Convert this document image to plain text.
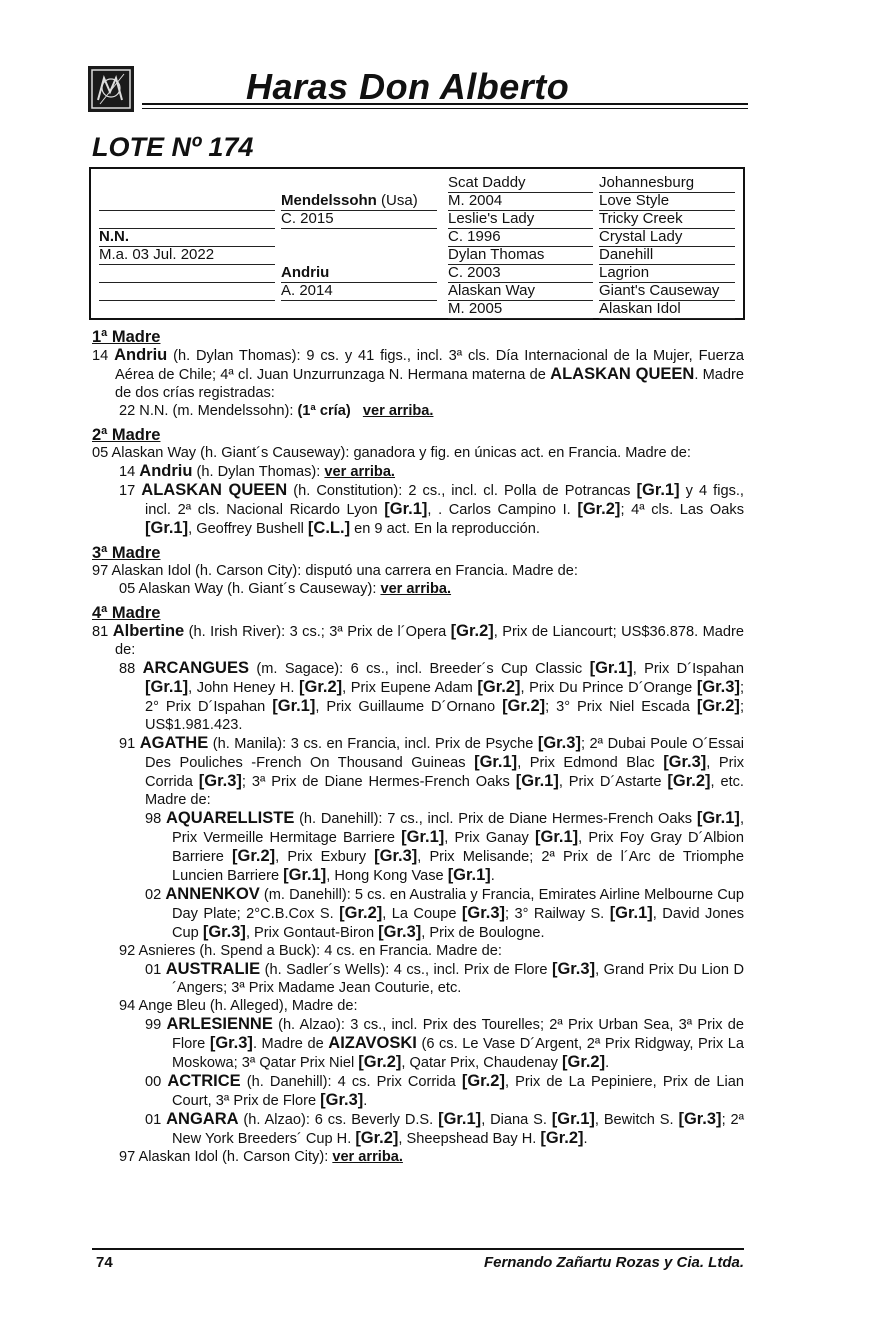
Haras Don Alberto
LOTE Nº 174
N.N.
M.a. 03 Jul. 2022
Mendelssohn (Usa)
C. 2015
Andriu
A. 2014
Scat Daddy
M. 2004
Leslie's Lady
C. 1996
Dylan Thomas
C. 2003
Alaskan Way
M. 2005
Johannesburg
Love Style
Tricky Creek
Crystal Lady
Danehill
Lagrion
Giant's Causeway
Alaskan Idol
1ª Madre
14 Andriu (h. Dylan Thomas): 9 cs. y 41 figs., incl. 3ª cls. Día Internacional de la Mujer, Fuerza Aérea de Chile; 4ª cl. Juan Unzurrunzaga N. Hermana materna de ALASKAN QUEEN. Madre de dos crías registradas:
22 N.N. (m. Mendelssohn): (1ª cría) ver arriba.
2ª Madre
05 Alaskan Way (h. Giant´s Causeway): ganadora y fig. en únicas act. en Francia. Madre de:
14 Andriu (h. Dylan Thomas): ver arriba.
17 ALASKAN QUEEN (h. Constitution): 2 cs., incl. cl. Polla de Potrancas [Gr.1] y 4 figs., incl. 2ª cls. Nacional Ricardo Lyon [Gr.1], . Carlos Campino I. [Gr.2]; 4ª cls. Las Oaks [Gr.1], Geoffrey Bushell [C.L.] en 9 act. En la reproducción.
3ª Madre
97 Alaskan Idol (h. Carson City): disputó una carrera en Francia. Madre de:
05 Alaskan Way (h. Giant´s Causeway): ver arriba.
4ª Madre
81 Albertine (h. Irish River): 3 cs.; 3ª Prix de l´Opera [Gr.2], Prix de Liancourt; US$36.878. Madre de:
88 ARCANGUES (m. Sagace): 6 cs., incl. Breeder´s Cup Classic [Gr.1], Prix D´Ispahan [Gr.1], John Heney H. [Gr.2], Prix Eupene Adam [Gr.2], Prix Du Prince D´Orange [Gr.3]; 2° Prix D´Ispahan [Gr.1], Prix Guillaume D´Ornano [Gr.2]; 3° Prix Niel Escada [Gr.2]; US$1.981.423.
91 AGATHE (h. Manila): 3 cs. en Francia, incl. Prix de Psyche [Gr.3]; 2ª Dubai Poule O´Essai Des Pouliches -French On Thousand Guineas [Gr.1], Prix Edmond Blac [Gr.3], Prix Corrida [Gr.3]; 3ª Prix de Diane Hermes-French Oaks [Gr.1], Prix D´Astarte [Gr.2], etc. Madre de:
98 AQUARELLISTE (h. Danehill): 7 cs., incl. Prix de Diane Hermes-French Oaks [Gr.1], Prix Vermeille Hermitage Barriere [Gr.1], Prix Ganay [Gr.1], Prix Foy Gray D´Albion Barriere [Gr.2], Prix Exbury [Gr.3], Prix Melisande; 2ª Prix de l´Arc de Triomphe Luncien Barriere [Gr.1], Hong Kong Vase [Gr.1].
02 ANNENKOV (m. Danehill): 5 cs. en Australia y Francia, Emirates Airline Melbourne Cup Day Plate; 2°C.B.Cox S. [Gr.2], La Coupe [Gr.3]; 3° Railway S. [Gr.1], David Jones Cup [Gr.3], Prix Gontaut-Biron [Gr.3], Prix de Boulogne.
92 Asnieres (h. Spend a Buck): 4 cs. en Francia. Madre de:
01 AUSTRALIE (h. Sadler´s Wells): 4 cs., incl. Prix de Flore [Gr.3], Grand Prix Du Lion D´Angers; 3ª Prix Madame Jean Couturie, etc.
94 Ange Bleu (h. Alleged), Madre de:
99 ARLESIENNE (h. Alzao): 3 cs., incl. Prix des Tourelles; 2ª Prix Urban Sea, 3ª Prix de Flore [Gr.3]. Madre de AIZAVOSKI (6 cs. Le Vase D´Argent, 2ª Prix Ridgway, Prix La Moskowa; 3ª Qatar Prix Niel [Gr.2], Qatar Prix, Chaudenay [Gr.2].
00 ACTRICE (h. Danehill): 4 cs. Prix Corrida [Gr.2], Prix de La Pepiniere, Prix de Lian Court, 3ª Prix de Flore [Gr.3].
01 ANGARA (h. Alzao): 6 cs. Beverly D.S. [Gr.1], Diana S. [Gr.1], Bewitch S. [Gr.3]; 2ª New York Breeders´ Cup H. [Gr.2], Sheepshead Bay H. [Gr.2].
97 Alaskan Idol (h. Carson City): ver arriba.
74	Fernando Zañartu Rozas y Cia. Ltda.
